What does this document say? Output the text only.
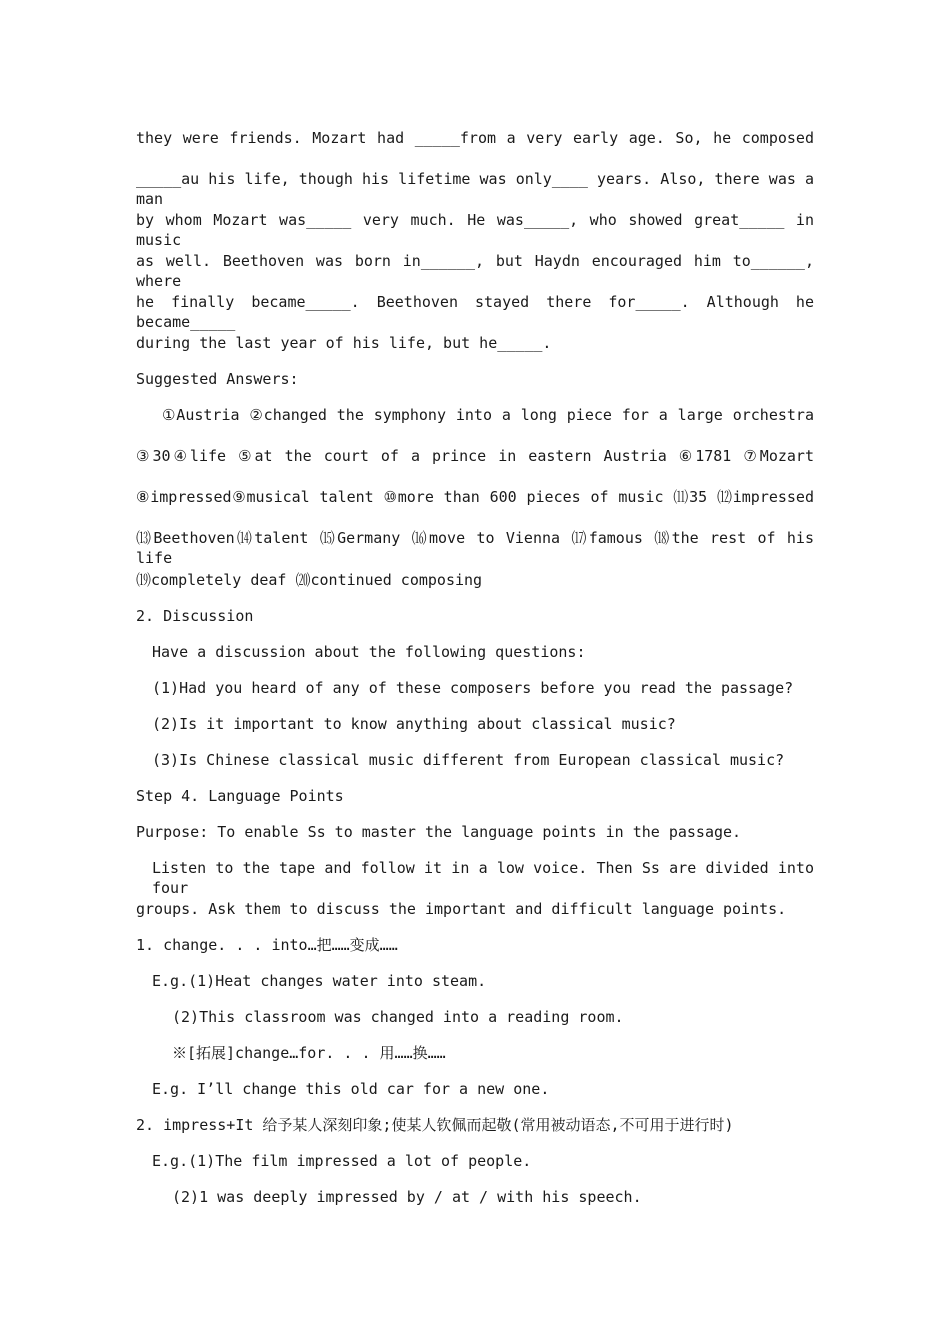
they were friends. Mozart had _____from a very early age. So, he composed
_____au his life, though his lifetime was only____ years. Also, there was a man
by whom Mozart was_____ very much. He was_____, who showed great_____ in music
as well. Beethoven was born in______, but Haydn encouraged him to______, where
he finally became_____. Beethoven stayed there for_____. Although he became_____
during the last year of his life, but he_____.
Suggested Answers:
①Austria ②changed the symphony into a long piece for a large orchestra
③30④life ⑤at the court of a prince in eastern Austria ⑥1781 ⑦Mozart
⑧impressed⑨musical talent ⑩more than 600 pieces of music ⑾35 ⑿impressed
⒀Beethoven⒁talent ⒂Germany ⒃move to Vienna ⒄famous ⒅the rest of his life
⒆completely deaf ⒇continued composing
2. Discussion
Have a discussion about the following questions:
(1)Had you heard of any of these composers before you read the passage?
(2)Is it important to know anything about classical music?
(3)Is Chinese classical music different from European classical music?
Step 4. Language Points
Purpose: To enable Ss to master the language points in the passage.
Listen to the tape and follow it in a low voice. Then Ss are divided into four
groups. Ask them to discuss the important and difficult language points.
1. change. . . into…把……变成……
E.g.(1)Heat changes water into steam.
(2)This classroom was changed into a reading room.
※[拓展]change…for. . . 用……换……
E.g. I’ll change this old car for a new one.
2. impress+It 给予某人深刻印象;使某人钦佩而起敬(常用被动语态,不可用于进行时)
E.g.(1)The film impressed a lot of people.
(2)1 was deeply impressed by / at / with his speech.
